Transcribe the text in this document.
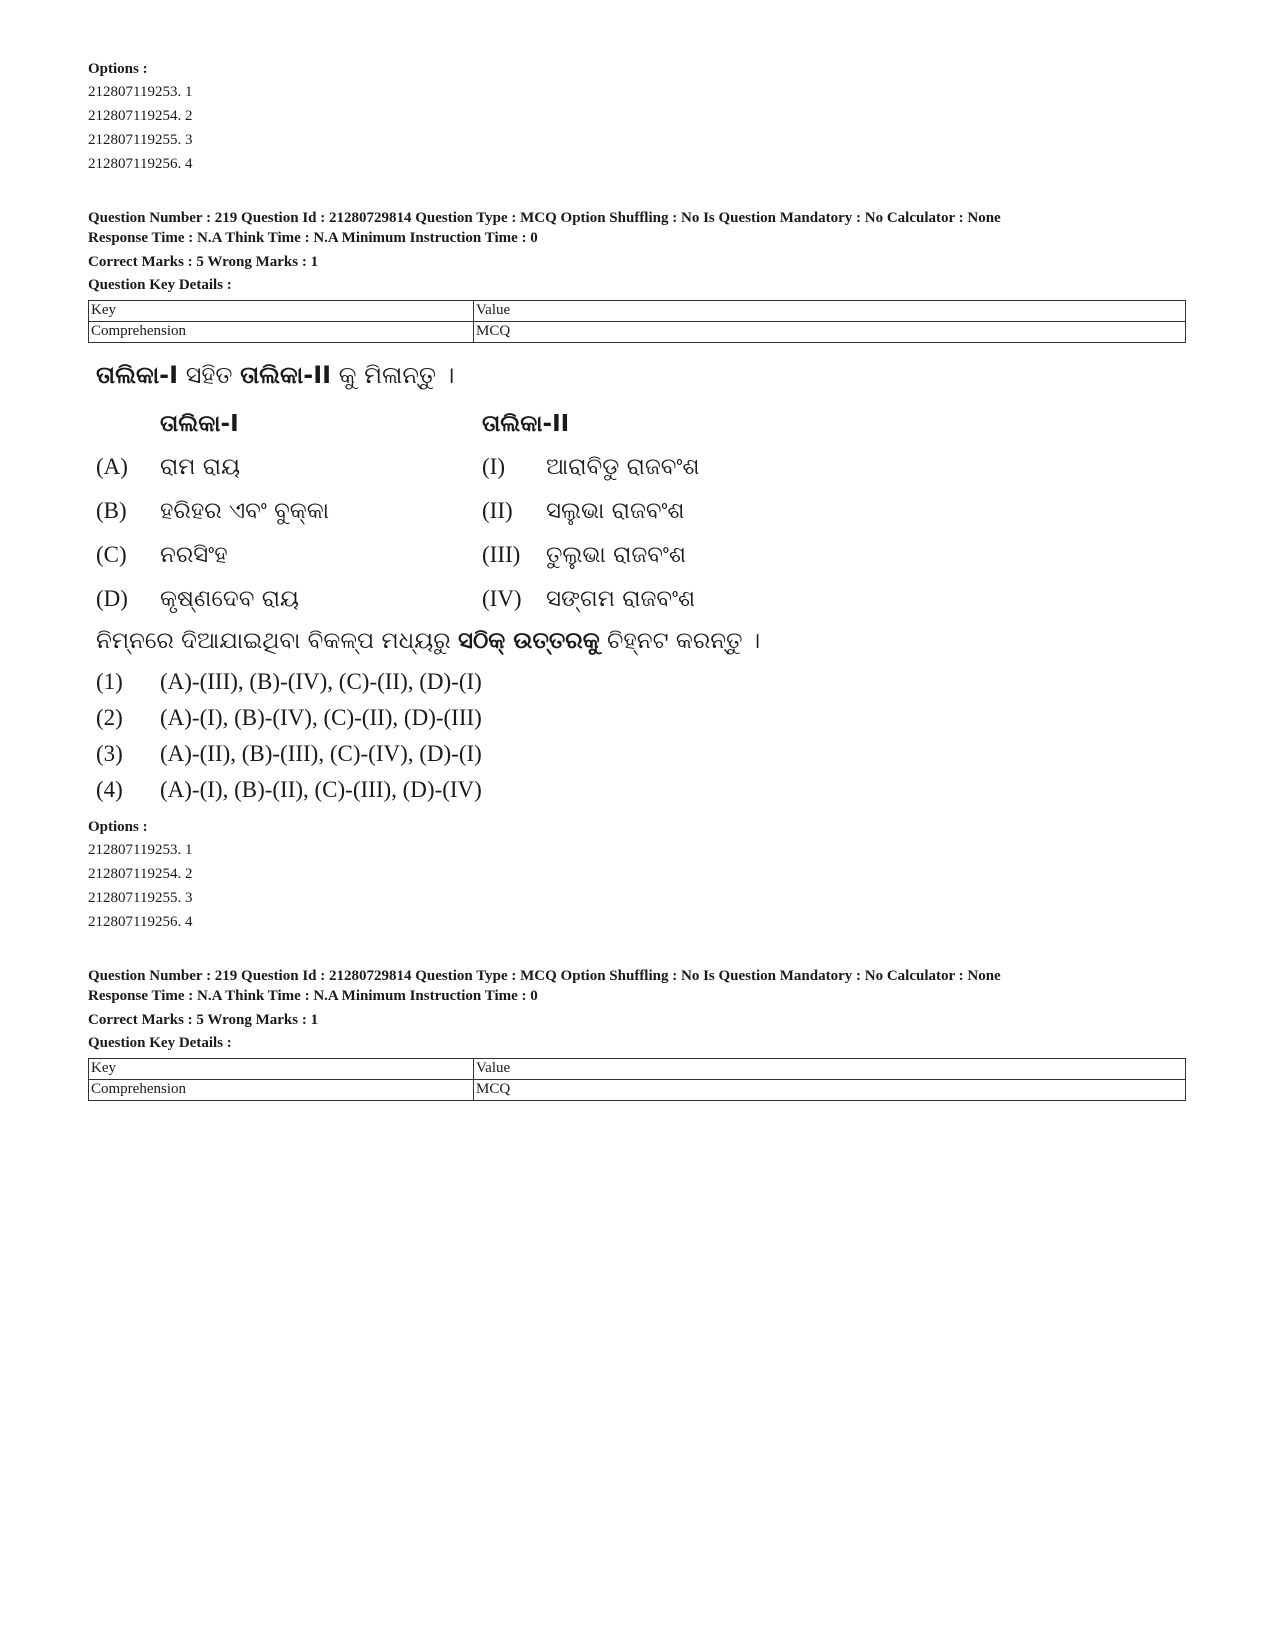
Options :
212807119253. 1
212807119254. 2
212807119255. 3
212807119256. 4
Question Number : 219 Question Id : 21280729814 Question Type : MCQ Option Shuffling : No Is Question Mandatory : No Calculator : None
Response Time : N.A Think Time : N.A Minimum Instruction Time : 0
Correct Marks : 5 Wrong Marks : 1
Question Key Details :
Key	Value
Comprehension	MCQ
ତାଲିକା-I ସହିତ ତାଲିକା-II କୁ ମିଳାନ୍ତୁ ।
ତାଲିକା-I	ତାଲିକା-II
(A) ରାମ ରାୟ	(I) ଆରାବିଡୁ ରାଜବଂଶ
(B) ହରିହର ଏବଂ ବୁକ୍କା	(II) ସଲୁଭା ରାଜବଂଶ
(C) ନରସିଂହ	(III) ତୁଲୁଭା ରାଜବଂଶ
(D) କୃଷ୍ଣଦେବ ରାୟ	(IV) ସଙ୍ଗମ ରାଜବଂଶ
ନିମ୍ନରେ ଦିଆଯାଇଥିବା ବିକଳ୍ପ ମଧ୍ୟରୁ ସଠିକ୍ ଉତ୍ତରକୁ ଚିହ୍ନଟ କରନ୍ତୁ ।
(1) (A)-(III), (B)-(IV), (C)-(II), (D)-(I)
(2) (A)-(I), (B)-(IV), (C)-(II), (D)-(III)
(3) (A)-(II), (B)-(III), (C)-(IV), (D)-(I)
(4) (A)-(I), (B)-(II), (C)-(III), (D)-(IV)
Options :
212807119253. 1
212807119254. 2
212807119255. 3
212807119256. 4
Question Number : 219 Question Id : 21280729814 Question Type : MCQ Option Shuffling : No Is Question Mandatory : No Calculator : None
Response Time : N.A Think Time : N.A Minimum Instruction Time : 0
Correct Marks : 5 Wrong Marks : 1
Question Key Details :
Key	Value
Comprehension	MCQ
